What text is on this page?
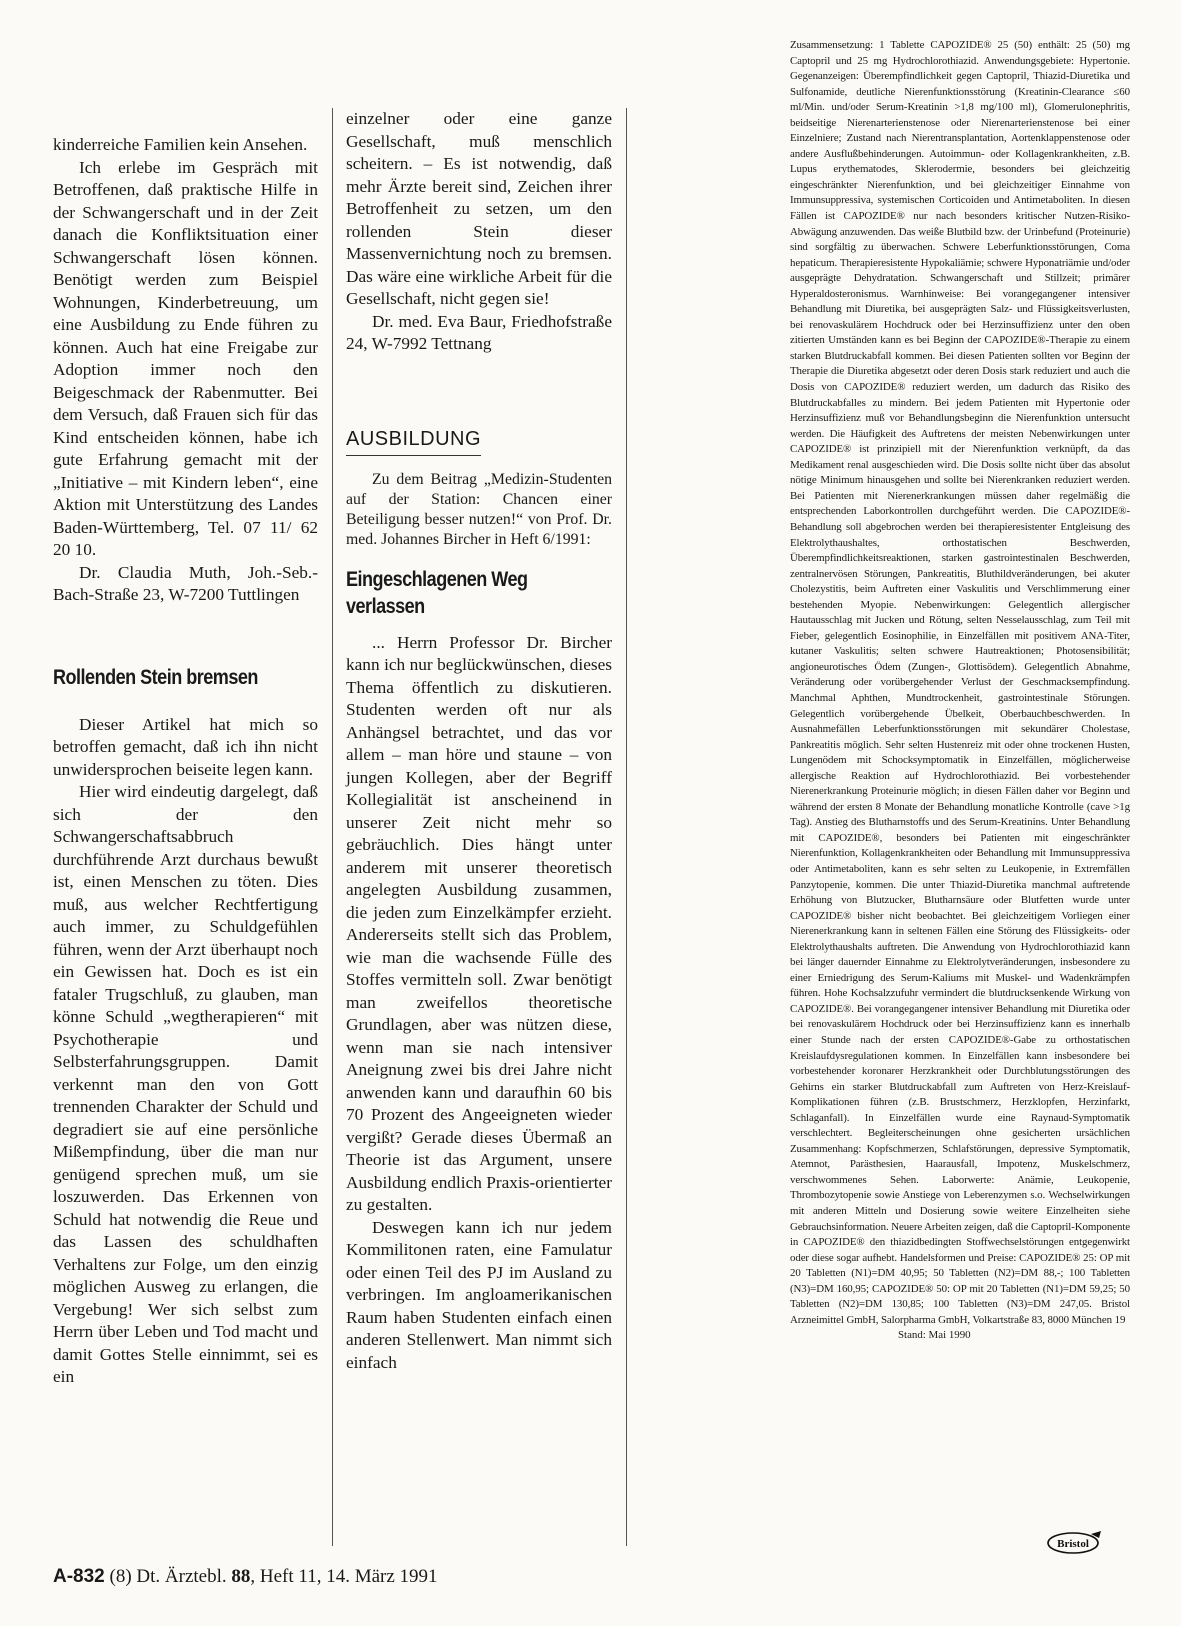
kinderreiche Familien kein Ansehen.

Ich erlebe im Gespräch mit Betroffenen, daß praktische Hilfe in der Schwangerschaft und in der Zeit danach die Konfliktsituation einer Schwangerschaft lösen können. Benötigt werden zum Beispiel Wohnungen, Kinderbetreuung, um eine Ausbildung zu Ende führen zu können. Auch hat eine Freigabe zur Adoption immer noch den Beigeschmack der Rabenmutter. Bei dem Versuch, daß Frauen sich für das Kind entscheiden können, habe ich gute Erfahrung gemacht mit der „Initiative – mit Kindern leben“, eine Aktion mit Unterstützung des Landes Baden-Württemberg, Tel. 07 11/ 62 20 10.

Dr. Claudia Muth, Joh.-Seb.-Bach-Straße 23, W-7200 Tuttlingen

Rollenden Stein bremsen

Dieser Artikel hat mich so betroffen gemacht, daß ich ihn nicht unwidersprochen beiseite legen kann.

Hier wird eindeutig dargelegt, daß sich der den Schwangerschaftsabbruch durchführende Arzt durchaus bewußt ist, einen Menschen zu töten. Dies muß, aus welcher Rechtfertigung auch immer, zu Schuldgefühlen führen, wenn der Arzt überhaupt noch ein Gewissen hat. Doch es ist ein fataler Trugschluß, zu glauben, man könne Schuld „wegtherapieren“ mit Psychotherapie und Selbsterfahrungsgruppen. Damit verkennt man den von Gott trennenden Charakter der Schuld und degradiert sie auf eine persönliche Mißempfindung, über die man nur genügend sprechen muß, um sie loszuwerden. Das Erkennen von Schuld hat notwendig die Reue und das Lassen des schuldhaften Verhaltens zur Folge, um den einzig möglichen Ausweg zu erlangen, die Vergebung! Wer sich selbst zum Herrn über Leben und Tod macht und damit Gottes Stelle einnimmt, sei es ein

einzelner oder eine ganze Gesellschaft, muß menschlich scheitern. – Es ist notwendig, daß mehr Ärzte bereit sind, Zeichen ihrer Betroffenheit zu setzen, um den rollenden Stein dieser Massenvernichtung noch zu bremsen. Das wäre eine wirkliche Arbeit für die Gesellschaft, nicht gegen sie!

Dr. med. Eva Baur, Friedhofstraße 24, W-7992 Tettnang

AUSBILDUNG

Zu dem Beitrag „Medizin-Studenten auf der Station: Chancen einer Beteiligung besser nutzen!“ von Prof. Dr. med. Johannes Bircher in Heft 6/1991:

Eingeschlagenen Weg verlassen

... Herrn Professor Dr. Bircher kann ich nur beglückwünschen, dieses Thema öffentlich zu diskutieren. Studenten werden oft nur als Anhängsel betrachtet, und das vor allem – man höre und staune – von jungen Kollegen, aber der Begriff Kollegialität ist anscheinend in unserer Zeit nicht mehr so gebräuchlich. Dies hängt unter anderem mit unserer theoretisch angelegten Ausbildung zusammen, die jeden zum Einzelkämpfer erzieht. Andererseits stellt sich das Problem, wie man die wachsende Fülle des Stoffes vermitteln soll. Zwar benötigt man zweifellos theoretische Grundlagen, aber was nützen diese, wenn man sie nach intensiver Aneignung zwei bis drei Jahre nicht anwenden kann und daraufhin 60 bis 70 Prozent des Angeeigneten wieder vergißt? Gerade dieses Übermaß an Theorie ist das Argument, unsere Ausbildung endlich Praxis-orientierter zu gestalten.

Deswegen kann ich nur jedem Kommilitonen raten, eine Famulatur oder einen Teil des PJ im Ausland zu verbringen. Im angloamerikanischen Raum haben Studenten einfach einen anderen Stellenwert. Man nimmt sich einfach

Zusammensetzung: 1 Tablette CAPOZIDE® 25 (50) enthält: 25 (50) mg Captopril und 25 mg Hydrochlorothiazid. Anwendungsgebiete: Hypertonie. Gegenanzeigen: Überempfindlichkeit gegen Captopril, Thiazid-Diuretika und Sulfonamide, deutliche Nierenfunktionsstörung (Kreatinin-Clearance ≤60 ml/Min. und/oder Serum-Kreatinin >1,8 mg/100 ml), Glomerulonephritis, beidseitige Nierenarterienstenose oder Nierenarterienstenose bei einer Einzelniere; Zustand nach Nierentransplantation, Aortenklappenstenose oder andere Ausflußbehinderungen. Autoimmun- oder Kollagenkrankheiten, z.B. Lupus erythematodes, Sklerodermie, besonders bei gleichzeitig eingeschränkter Nierenfunktion, und bei gleichzeitiger Einnahme von Immunsuppressiva, systemischen Corticoiden und Antimetaboliten. In diesen Fällen ist CAPOZIDE® nur nach besonders kritischer Nutzen-Risiko-Abwägung anzuwenden. Das weiße Blutbild bzw. der Urinbefund (Proteinurie) sind sorgfältig zu überwachen. Schwere Leberfunktionsstörungen, Coma hepaticum. Therapieresistente Hypokaliämie; schwere Hyponatriämie und/oder ausgeprägte Dehydratation. Schwangerschaft und Stillzeit; primärer Hyperaldosteronismus. Warnhinweise: Bei vorangegangener intensiver Behandlung mit Diuretika, bei ausgeprägten Salz- und Flüssigkeitsverlusten, bei renovaskulärem Hochdruck oder bei Herzinsuffizienz unter den oben zitierten Umständen kann es bei Beginn der CAPOZIDE®-Therapie zu einem starken Blutdruckabfall kommen. Bei diesen Patienten sollten vor Beginn der Therapie die Diuretika abgesetzt oder deren Dosis stark reduziert und auch die Dosis von CAPOZIDE® reduziert werden, um dadurch das Risiko des Blutdruckabfalles zu mindern. Bei jedem Patienten mit Hypertonie oder Herzinsuffizienz muß vor Behandlungsbeginn die Nierenfunktion untersucht werden. Die Häufigkeit des Auftretens der meisten Nebenwirkungen unter CAPOZIDE® ist prinzipiell mit der Nierenfunktion verknüpft, da das Medikament renal ausgeschieden wird. Die Dosis sollte nicht über das absolut nötige Minimum hinausgehen und sollte bei Nierenkranken reduziert werden. Bei Patienten mit Nierenerkrankungen müssen daher regelmäßig die entsprechenden Laborkontrollen durchgeführt werden. Die CAPOZIDE®-Behandlung soll abgebrochen werden bei therapieresistenter Entgleisung des Elektrolythaushaltes, orthostatischen Beschwerden, Überempfindlichkeitsreaktionen, starken gastrointestinalen Beschwerden, zentralnervösen Störungen, Pankreatitis, Bluthildveränderungen, bei akuter Cholezystitis, beim Auftreten einer Vaskulitis und Verschlimmerung einer bestehenden Myopie. Nebenwirkungen: Gelegentlich allergischer Hautausschlag mit Jucken und Rötung, selten Nesselausschlag, zum Teil mit Fieber, gelegentlich Eosinophilie, in Einzelfällen mit positivem ANA-Titer, kutaner Vaskulitis; selten schwere Hautreaktionen; Photosensibilität; angioneurotisches Ödem (Zungen-, Glottisödem). Gelegentlich Abnahme, Veränderung oder vorübergehender Verlust der Geschmacksempfindung. Manchmal Aphthen, Mundtrockenheit, gastrointestinale Störungen. Gelegentlich vorübergehende Übelkeit, Oberbauchbeschwerden. In Ausnahmefällen Leberfunktionsstörungen mit sekundärer Cholestase, Pankreatitis möglich. Sehr selten Hustenreiz mit oder ohne trockenen Husten, Lungenödem mit Schocksymptomatik in Einzelfällen, möglicherweise allergische Reaktion auf Hydrochlorothiazid. Bei vorbestehender Nierenerkrankung Proteinurie möglich; in diesen Fällen daher vor Beginn und während der ersten 8 Monate der Behandlung monatliche Kontrolle (cave >1g Tag). Anstieg des Blutharnstoffs und des Serum-Kreatinins. Unter Behandlung mit CAPOZIDE®, besonders bei Patienten mit eingeschränkter Nierenfunktion, Kollagenkrankheiten oder Behandlung mit Immunsuppressiva oder Antimetaboliten, kann es sehr selten zu Leukopenie, in Extremfällen Panzytopenie, kommen. Die unter Thiazid-Diuretika manchmal auftretende Erhöhung von Blutzucker, Blutharnsäure oder Blutfetten wurde unter CAPOZIDE® bisher nicht beobachtet. Bei gleichzeitigem Vorliegen einer Nierenerkrankung kann in seltenen Fällen eine Störung des Flüssigkeits- oder Elektrolythaushalts auftreten. Die Anwendung von Hydrochlorothiazid kann bei länger dauernder Einnahme zu Elektrolytveränderungen, insbesondere zu einer Erniedrigung des Serum-Kaliums mit Muskel- und Wadenkrämpfen führen. Hohe Kochsalzzufuhr vermindert die blutdrucksenkende Wirkung von CAPOZIDE®. Bei vorangegangener intensiver Behandlung mit Diuretika oder bei renovaskulärem Hochdruck oder bei Herzinsuffizienz kann es innerhalb einer Stunde nach der ersten CAPOZIDE®-Gabe zu orthostatischen Kreislaufdysregulationen kommen. In Einzelfällen kann insbesondere bei vorbestehender koronarer Herzkrankheit oder Durchblutungsstörungen des Gehirns ein starker Blutdruckabfall zum Auftreten von Herz-Kreislauf-Komplikationen führen (z.B. Brustschmerz, Herzklopfen, Herzinfarkt, Schlaganfall). In Einzelfällen wurde eine Raynaud-Symptomatik verschlechtert. Begleiterscheinungen ohne gesicherten ursächlichen Zusammenhang: Kopfschmerzen, Schlafstörungen, depressive Symptomatik, Atemnot, Parästhesien, Haarausfall, Impotenz, Muskelschmerz, verschwommenes Sehen. Laborwerte: Anämie, Leukopenie, Thrombozytopenie sowie Anstiege von Leberenzymen s.o. Wechselwirkungen mit anderen Mitteln und Dosierung sowie weitere Einzelheiten siehe Gebrauchsinformation. Neuere Arbeiten zeigen, daß die Captopril-Komponente in CAPOZIDE® den thiazidbedingten Stoffwechselstörungen entgegenwirkt oder diese sogar aufhebt. Handelsformen und Preise: CAPOZIDE® 25: OP mit 20 Tabletten (N1)=DM 40,95; 50 Tabletten (N2)=DM 88,-; 100 Tabletten (N3)=DM 160,95; CAPOZIDE® 50: OP mit 20 Tabletten (N1)=DM 59,25; 50 Tabletten (N2)=DM 130,85; 100 Tabletten (N3)=DM 247,05. Bristol Arzneimittel GmbH, Salorpharma GmbH, Volkartstraße 83, 8000 München 19

Stand: Mai 1990
Bristol
A-832 (8) Dt. Ärztebl. 88, Heft 11, 14. März 1991
